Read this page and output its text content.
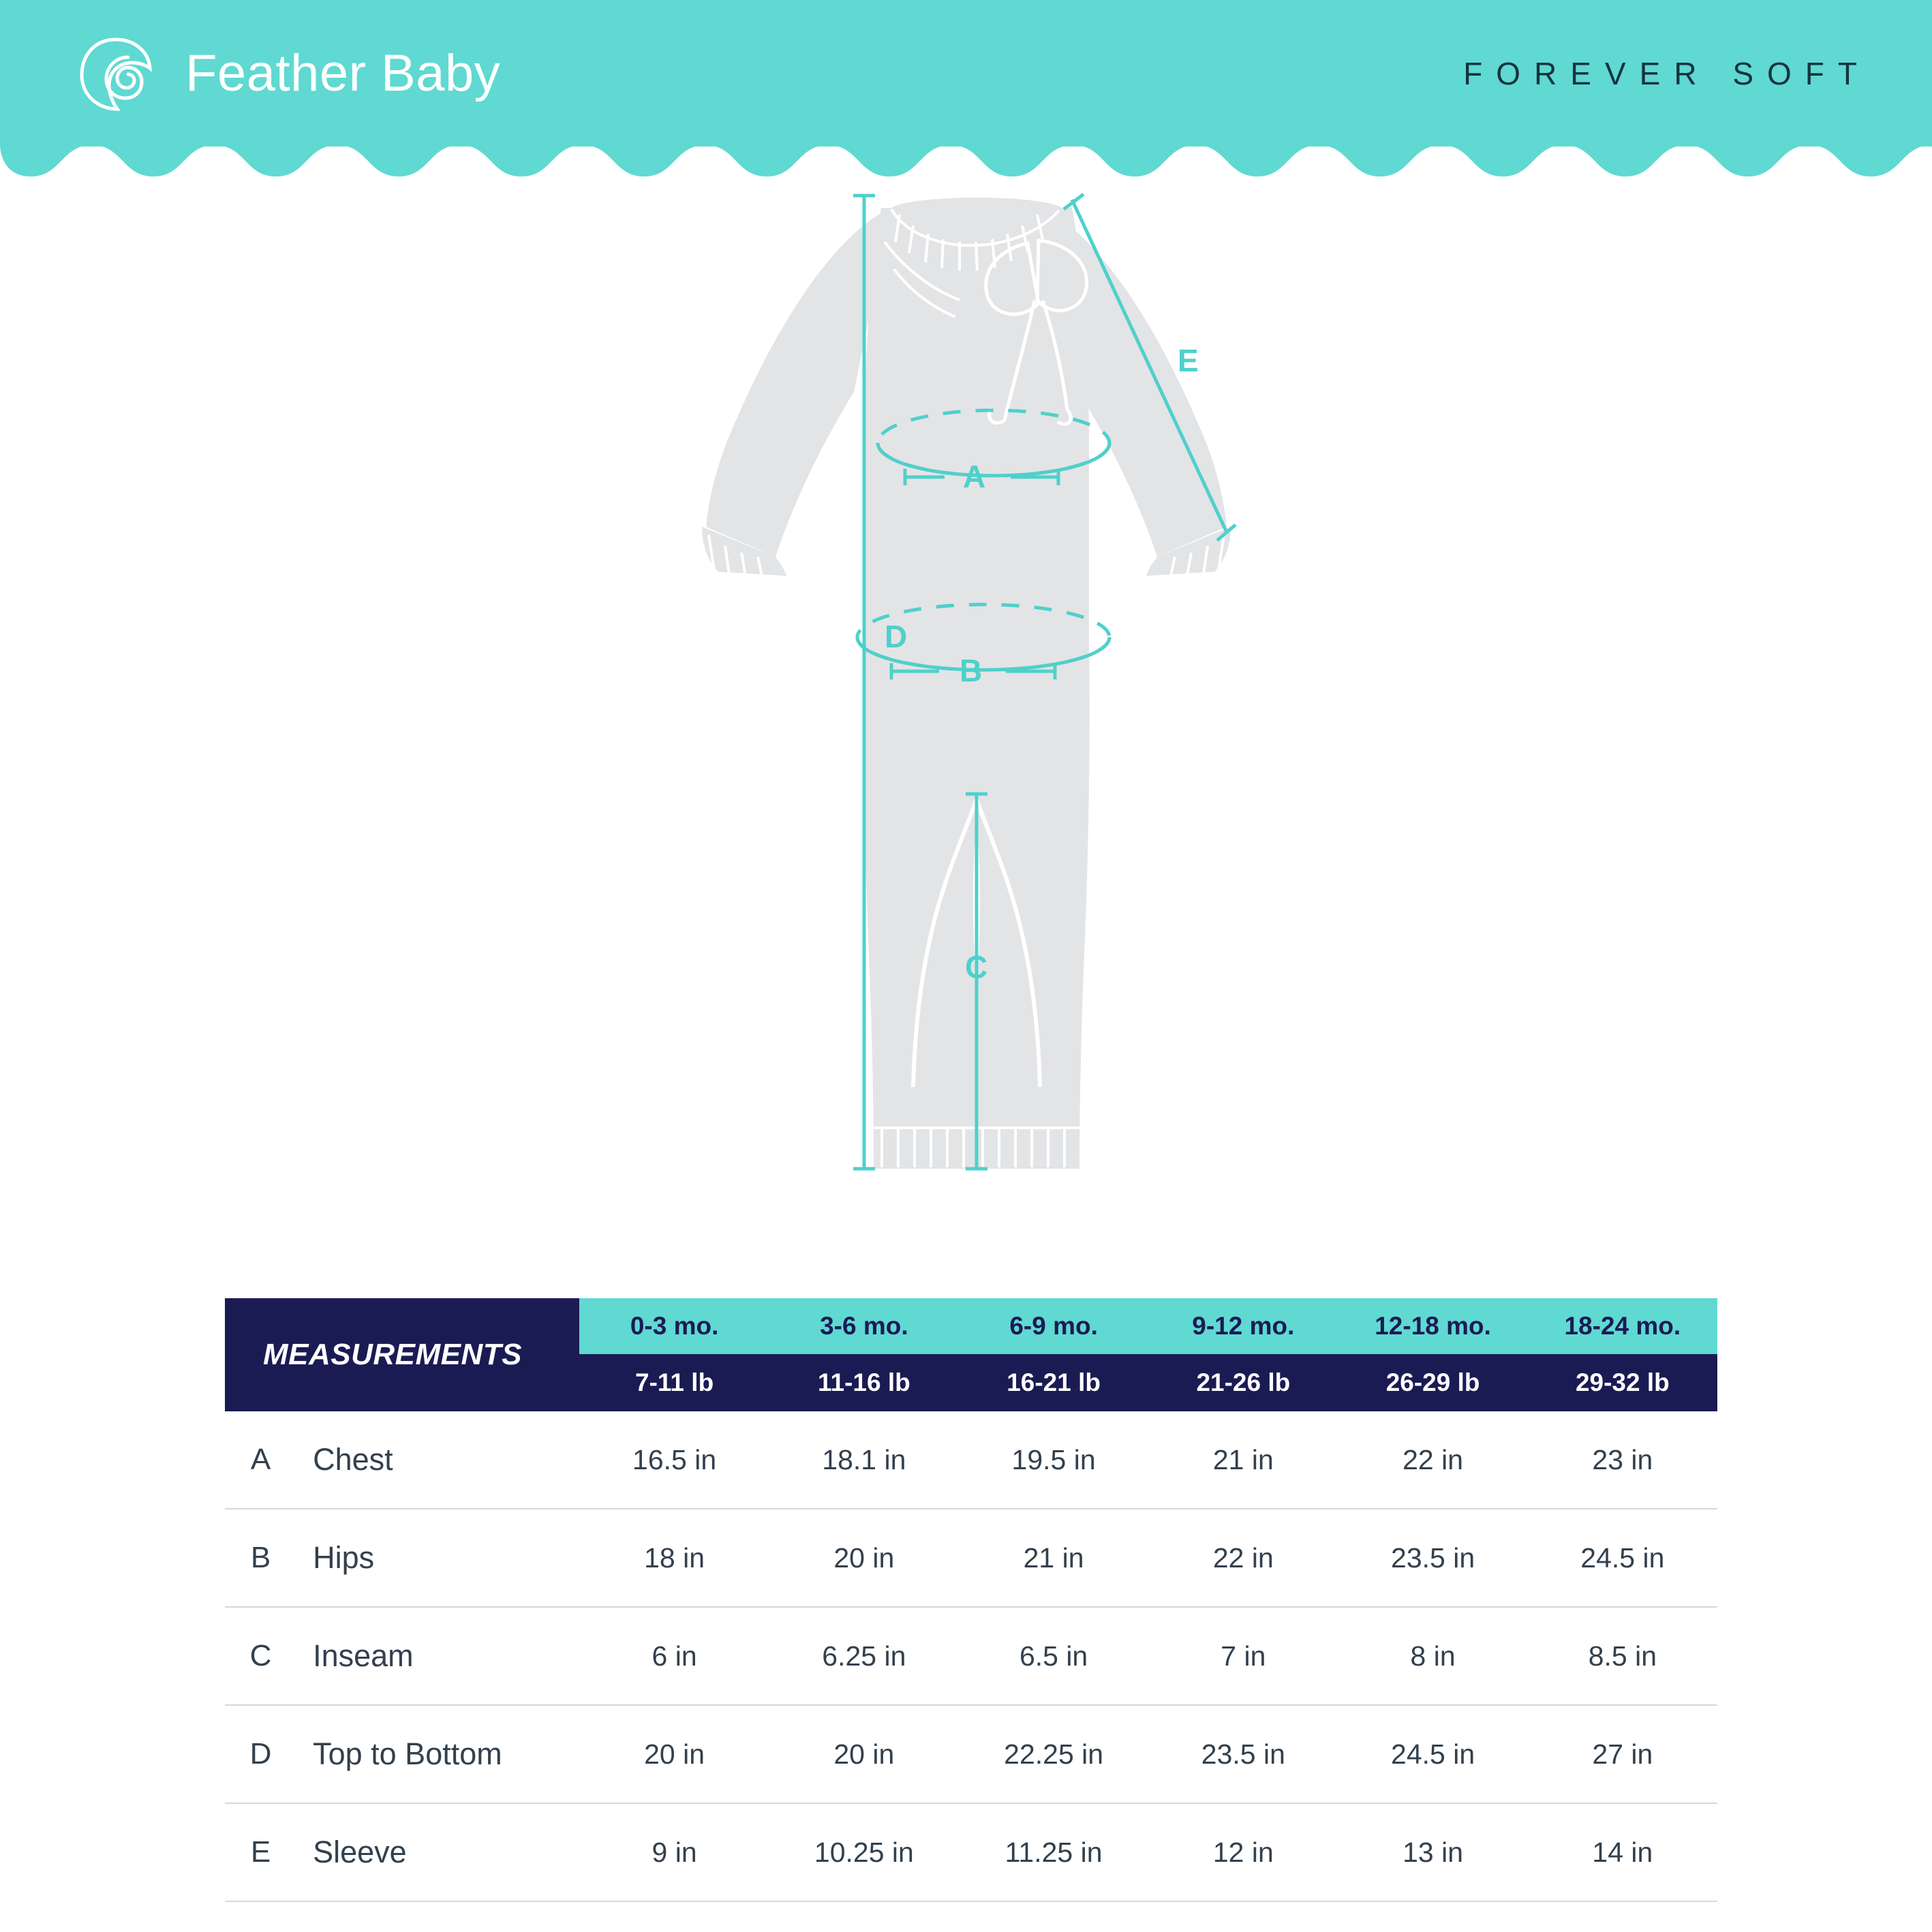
Feather Baby	FOREVER SOFT
A
B
C
D
E
MEASUREMENTS		0-3 mo.	3-6 mo.	6-9 mo.	9-12 mo.	12-18 mo.	18-24 mo.
		7-11 lb	11-16 lb	16-21 lb	21-26 lb	26-29 lb	29-32 lb
A	Chest	16.5 in	18.1 in	19.5 in	21 in	22 in	23 in
B	Hips	18 in	20 in	21 in	22 in	23.5 in	24.5 in
C	Inseam	6 in	6.25 in	6.5 in	7 in	8 in	8.5 in
D	Top to Bottom	20 in	20 in	22.25 in	23.5 in	24.5 in	27 in
E	Sleeve	9 in	10.25 in	11.25 in	12 in	13 in	14 in
